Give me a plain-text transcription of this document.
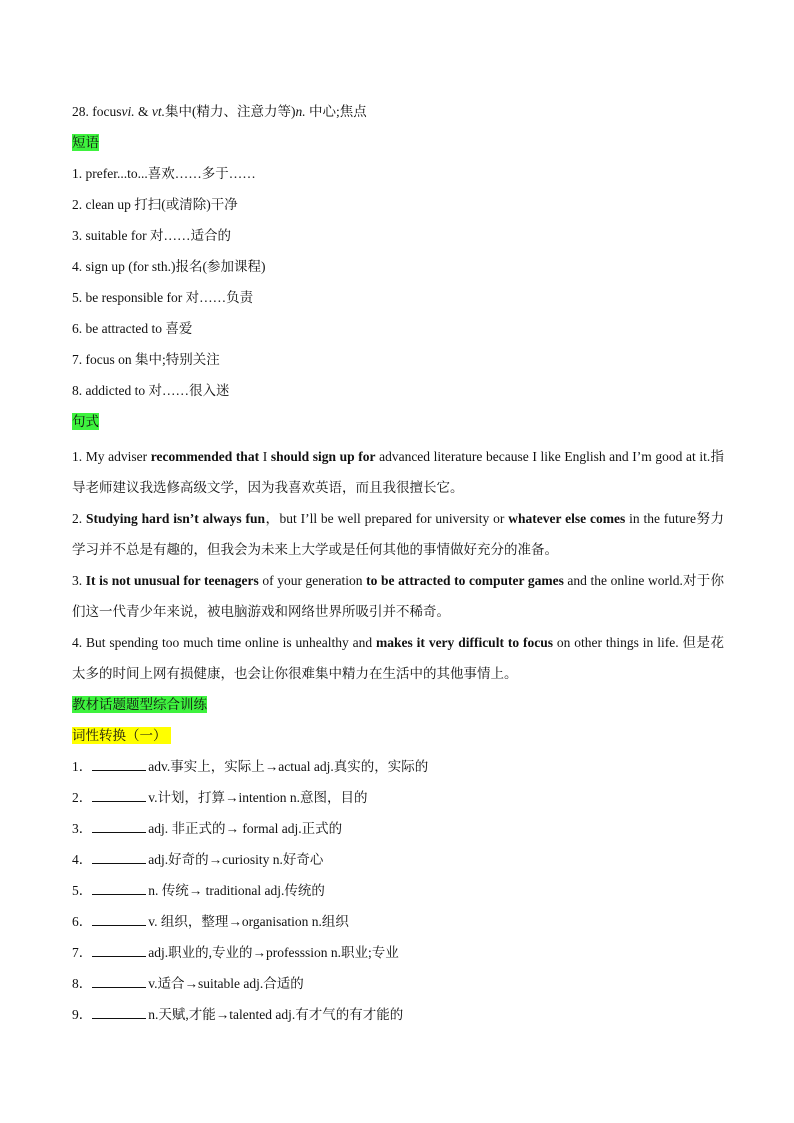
28. focusvi. & vt.集中(精力、注意力等)n. 中心;焦点
短语
1. prefer...to...喜欢……多于……
2. clean up 打扫(或清除)干净
3. suitable for 对……适合的
4. sign up (for sth.)报名(参加课程)
5. be responsible for 对……负责
6. be attracted to 喜爱
7. focus on 集中;特别关注
8. addicted to 对……很入迷
句式
1. My adviser recommended that I should sign up for advanced literature because I like English and I’m good at it.指导老师建议我选修高级文学，因为我喜欢英语，而且我很擅长它。
2. Studying hard isn’t always fun，but I’ll be well prepared for university or whatever else comes in the future努力学习并不总是有趣的，但我会为未来上大学或是任何其他的事情做好充分的准备。
3. It is not unusual for teenagers of your generation to be attracted to computer games and the online world.对于你们这一代青少年来说，被电脑游戏和网络世界所吸引并不稀奇。
4. But spending too much time online is unhealthy and makes it very difficult to focus on other things in life. 但是花太多的时间上网有损健康，也会让你很难集中精力在生活中的其他事情上。
教材话题题型综合训练
词性转换（一）
1．	adv.事实上，实际上→actual adj.真实的，实际的
2．	v.计划，打算→intention n.意图，目的
3．	adj. 非正式的→ formal adj.正式的
4．	adj.好奇的→curiosity n.好奇心
5．	n. 传统→ traditional adj.传统的
6．	v. 组织，整理→organisation n.组织
7．	adj.职业的,专业的→professsion n.职业;专业
8．	v.适合→suitable adj.合适的
9．	n.天赋,才能→talented adj.有才气的有才能的
